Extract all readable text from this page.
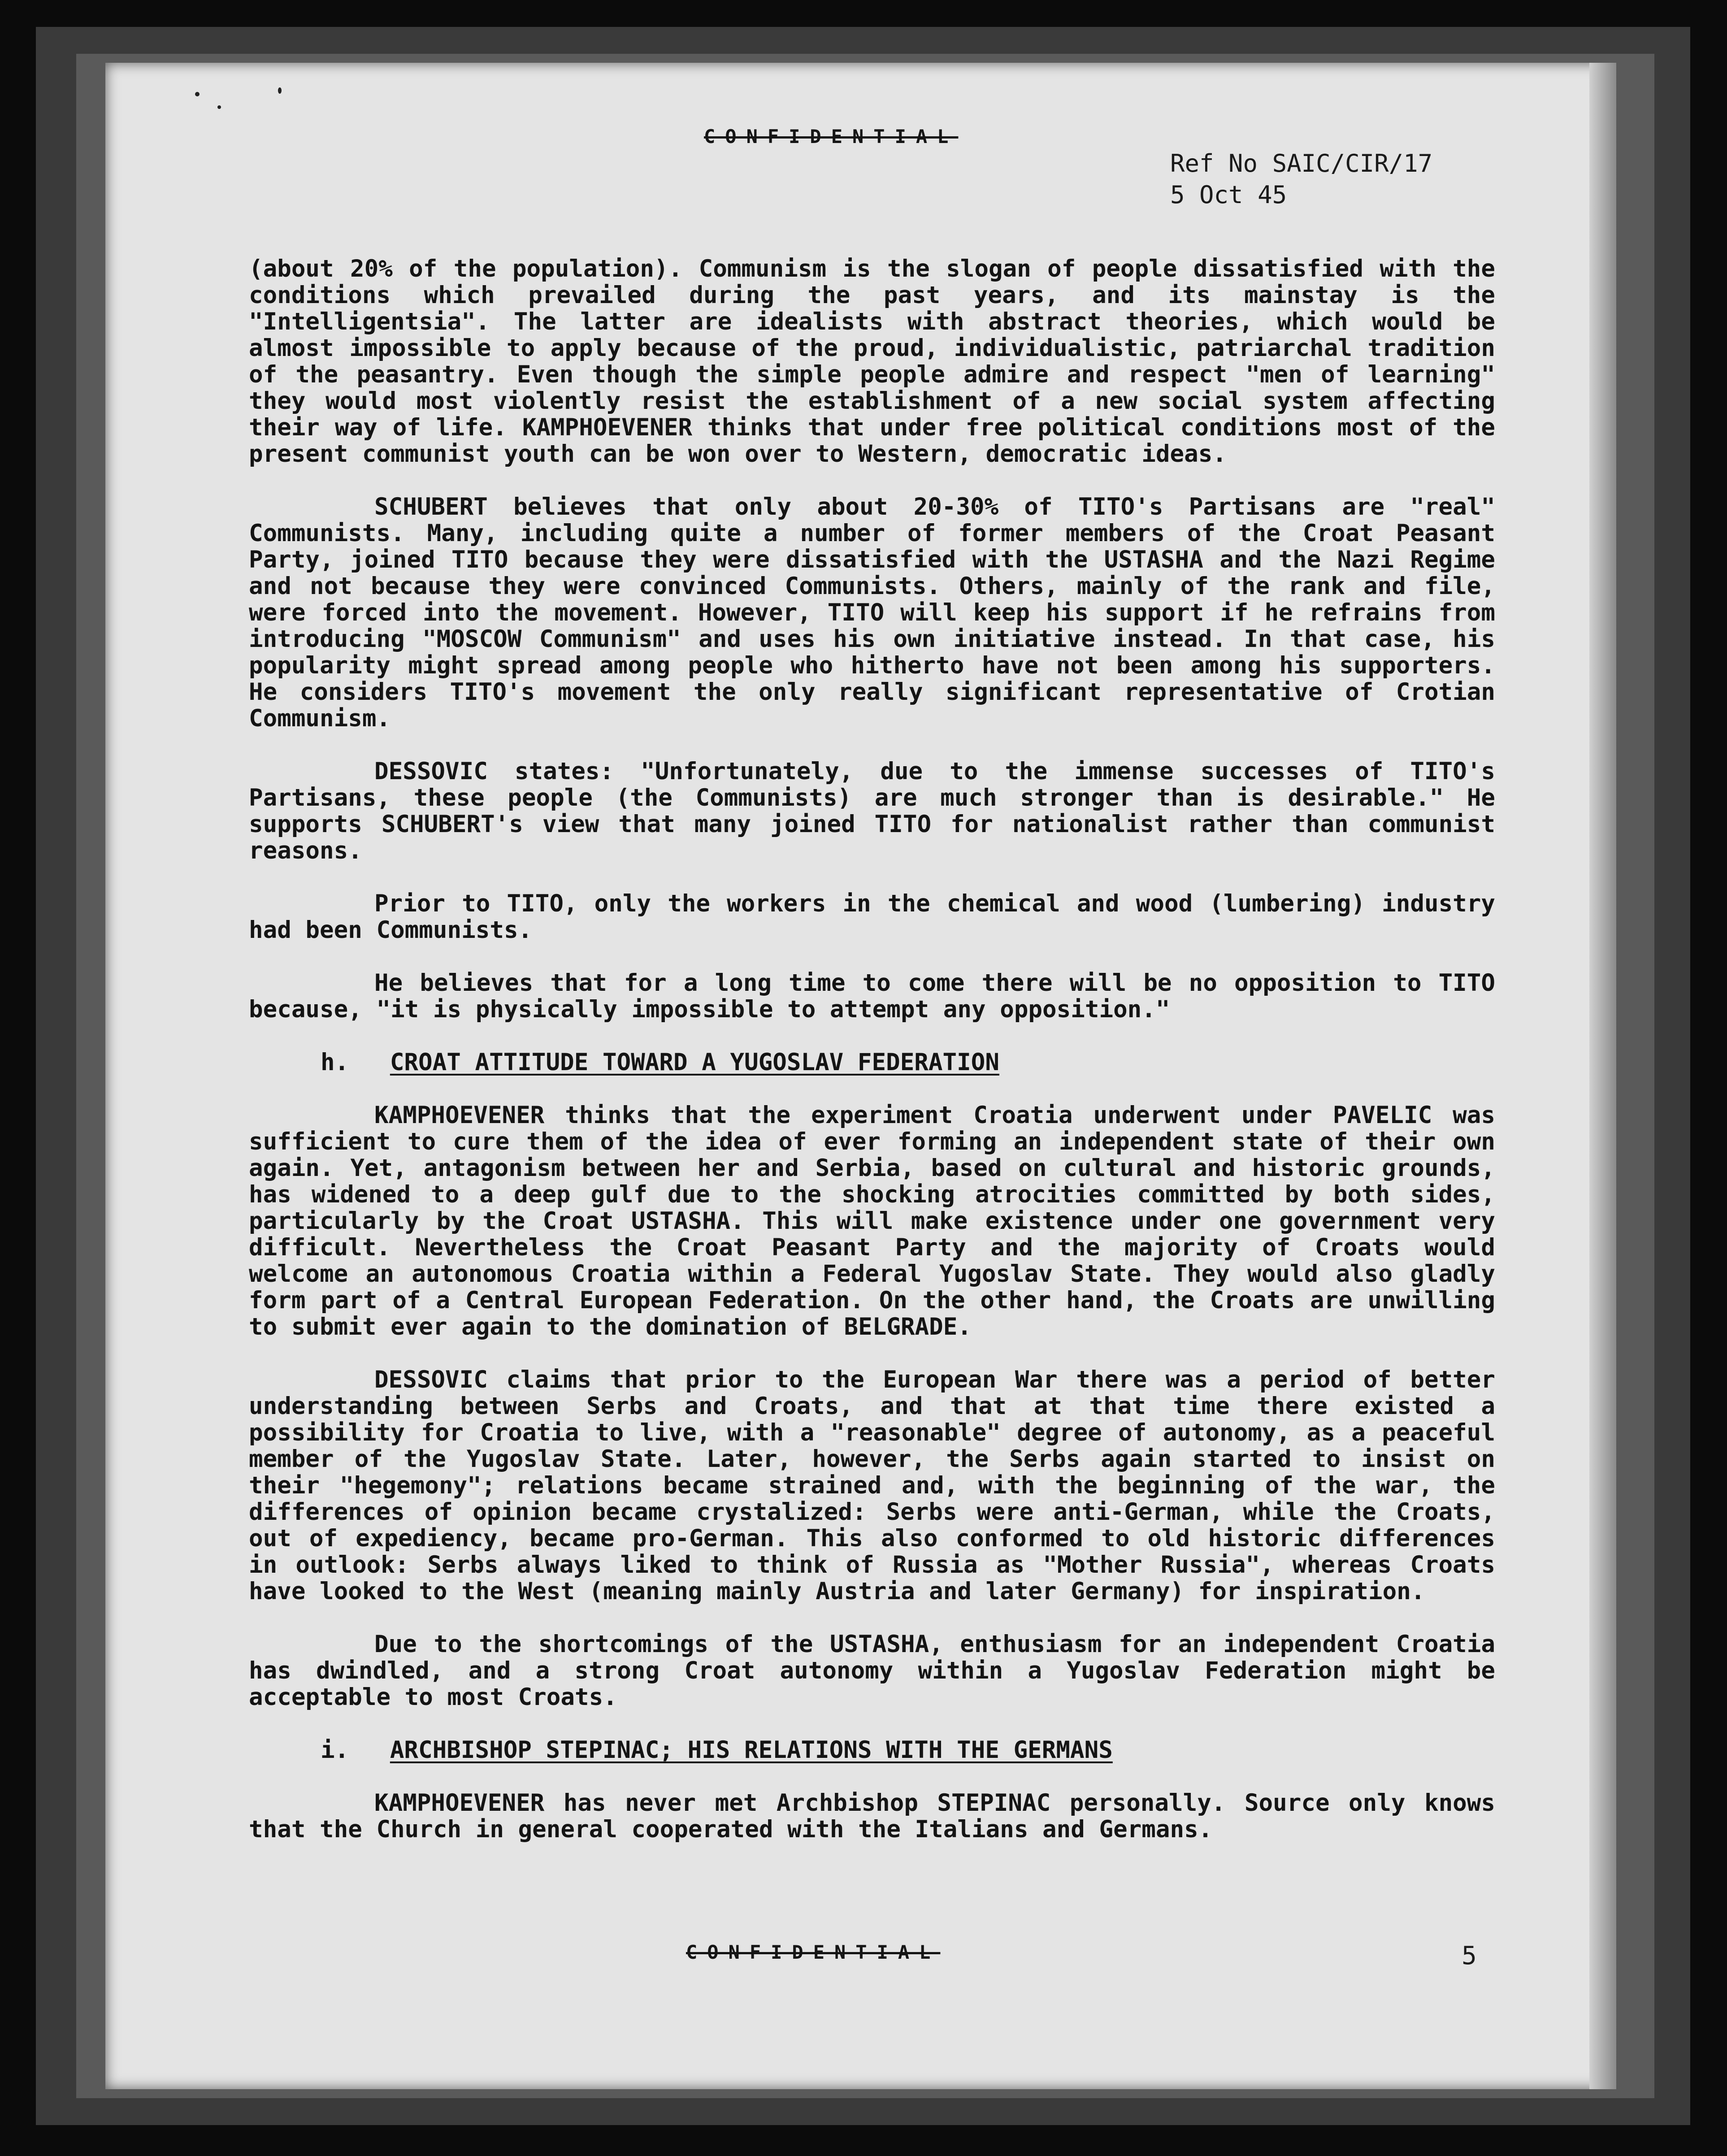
CONFIDENTIAL
Ref No SAIC/CIR/17
5 Oct 45

(about 20% of the population). Communism is the slogan of people dissatisfied with the conditions which prevailed during the past years, and its mainstay is the "Intelligentsia". The latter are idealists with abstract theories, which would be almost impossible to apply because of the proud, individualistic, patriarchal tradition of the peasantry. Even though the simple people admire and respect "men of learning" they would most violently resist the establishment of a new social system affecting their way of life. KAMPHOEVENER thinks that under free political conditions most of the present communist youth can be won over to Western, democratic ideas.

SCHUBERT believes that only about 20-30% of TITO's Partisans are "real" Communists. Many, including quite a number of former members of the Croat Peasant Party, joined TITO because they were dissatisfied with the USTASHA and the Nazi Regime and not because they were convinced Communists. Others, mainly of the rank and file, were forced into the movement. However, TITO will keep his support if he refrains from introducing "MOSCOW Communism" and uses his own initiative instead. In that case, his popularity might spread among people who hitherto have not been among his supporters. He considers TITO's movement the only really significant representative of Crotian Communism.

DESSOVIC states: "Unfortunately, due to the immense successes of TITO's Partisans, these people (the Communists) are much stronger than is desirable." He supports SCHUBERT's view that many joined TITO for nationalist rather than communist reasons.

Prior to TITO, only the workers in the chemical and wood (lumbering) industry had been Communists.

He believes that for a long time to come there will be no opposition to TITO because, "it is physically impossible to attempt any opposition."

h. CROAT ATTITUDE TOWARD A YUGOSLAV FEDERATION

KAMPHOEVENER thinks that the experiment Croatia underwent under PAVELIC was sufficient to cure them of the idea of ever forming an independent state of their own again. Yet, antagonism between her and Serbia, based on cultural and historic grounds, has widened to a deep gulf due to the shocking atrocities committed by both sides, particularly by the Croat USTASHA. This will make existence under one government very difficult. Nevertheless the Croat Peasant Party and the majority of Croats would welcome an autonomous Croatia within a Federal Yugoslav State. They would also gladly form part of a Central European Federation. On the other hand, the Croats are unwilling to submit ever again to the domination of BELGRADE.

DESSOVIC claims that prior to the European War there was a period of better understanding between Serbs and Croats, and that at that time there existed a possibility for Croatia to live, with a "reasonable" degree of autonomy, as a peaceful member of the Yugoslav State. Later, however, the Serbs again started to insist on their "hegemony"; relations became strained and, with the beginning of the war, the differences of opinion became crystalized: Serbs were anti-German, while the Croats, out of expediency, became pro-German. This also conformed to old historic differences in outlook: Serbs always liked to think of Russia as "Mother Russia", whereas Croats have looked to the West (meaning mainly Austria and later Germany) for inspiration.

Due to the shortcomings of the USTASHA, enthusiasm for an independent Croatia has dwindled, and a strong Croat autonomy within a Yugoslav Federation might be acceptable to most Croats.

i. ARCHBISHOP STEPINAC; HIS RELATIONS WITH THE GERMANS

KAMPHOEVENER has never met Archbishop STEPINAC personally. Source only knows that the Church in general cooperated with the Italians and Germans.

CONFIDENTIAL	5
